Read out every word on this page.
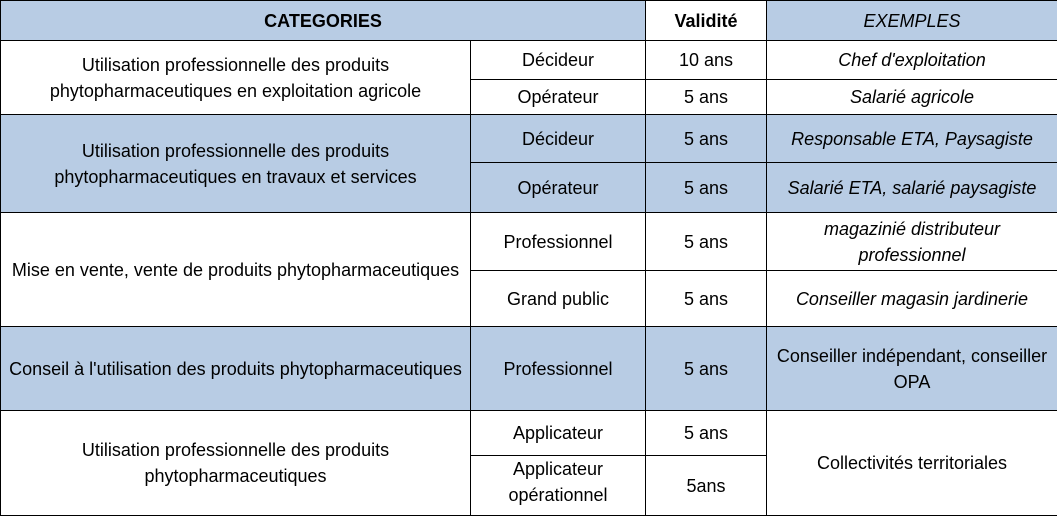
CATEGORIES		Validité	EXEMPLES
Utilisation professionnelle des produits phytopharmaceutiques en exploitation agricole	Décideur	10 ans	Chef d'exploitation
	Opérateur	5 ans	Salarié agricole
Utilisation professionnelle des produits phytopharmaceutiques en travaux et services	Décideur	5 ans	Responsable ETA, Paysagiste
	Opérateur	5 ans	Salarié ETA, salarié paysagiste
Mise en vente, vente de produits phytopharmaceutiques	Professionnel	5 ans	magazinié distributeur professionnel
	Grand public	5 ans	Conseiller magasin jardinerie
Conseil à l'utilisation des produits phytopharmaceutiques	Professionnel	5 ans	Conseiller indépendant, conseiller OPA
Utilisation professionnelle des produits phytopharmaceutiques	Applicateur	5 ans	Collectivités territoriales
	Applicateur opérationnel	5ans	
